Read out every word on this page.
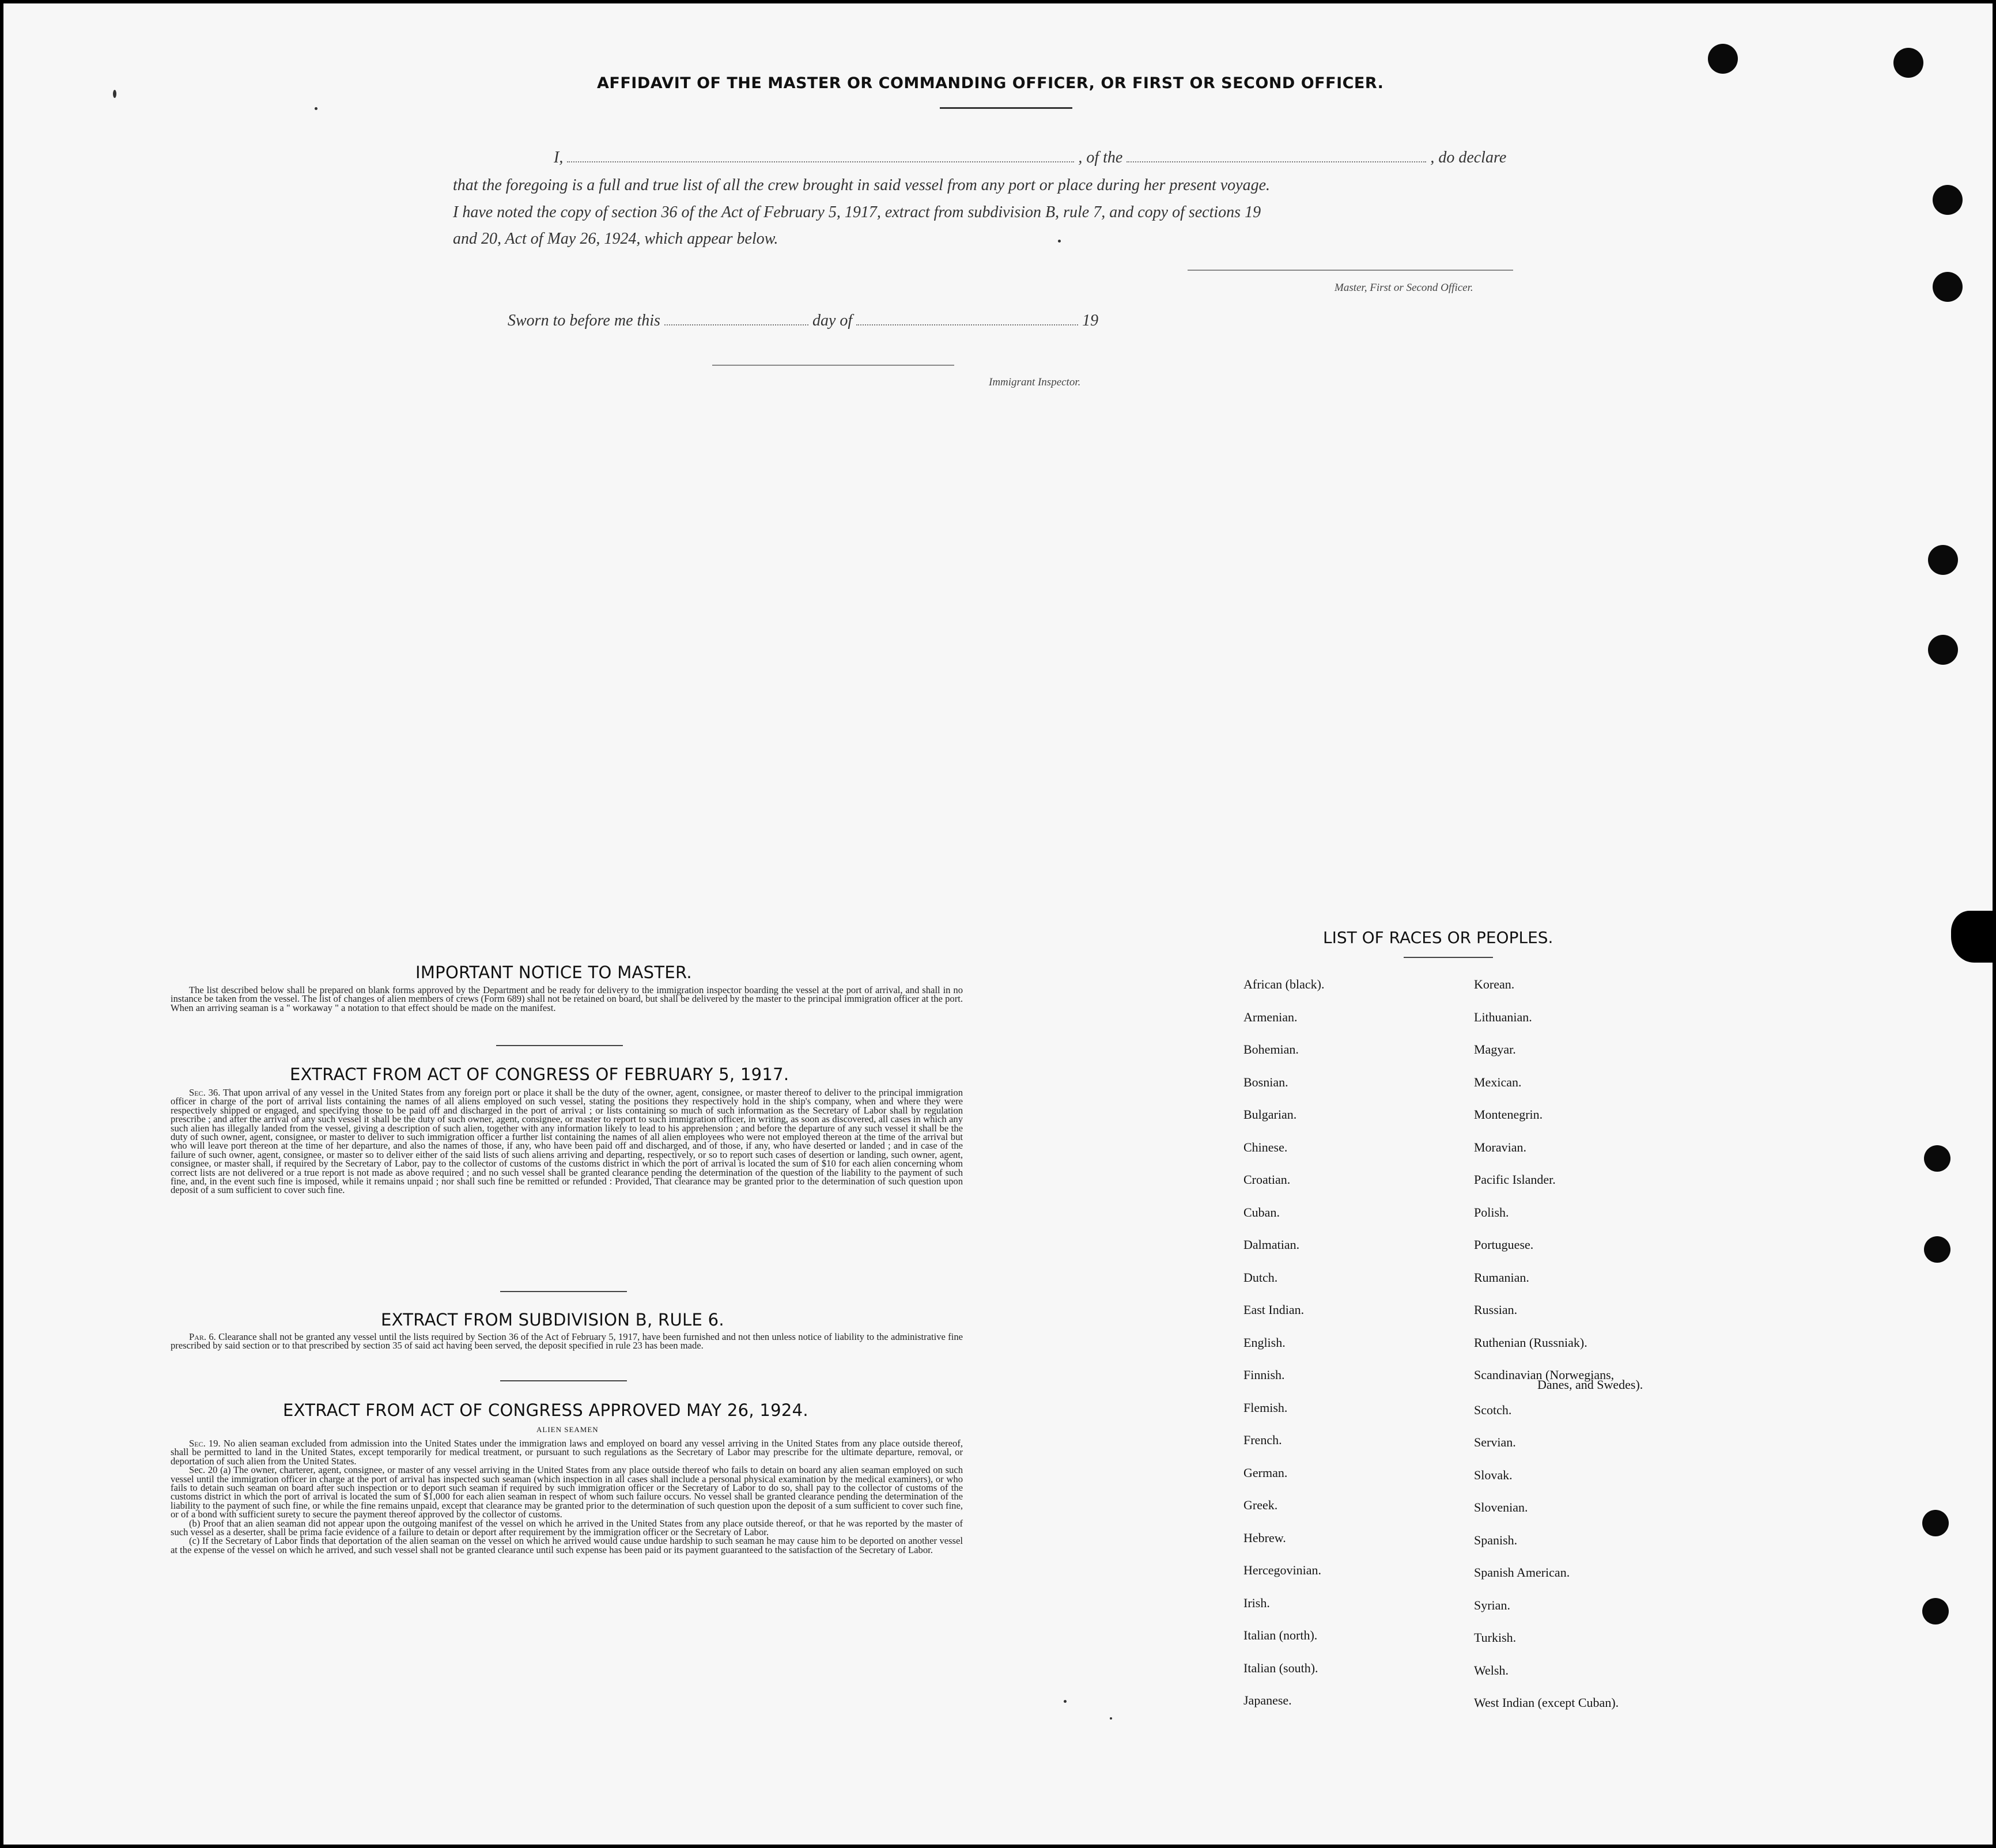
AFFIDAVIT OF THE MASTER OR COMMANDING OFFICER, OR FIRST OR SECOND OFFICER.
I,	, of the	, do declare
that the foregoing is a full and true list of all the crew brought in said vessel from any port or place during her present voyage.
I have noted the copy of section 36 of the Act of February 5, 1917, extract from subdivision B, rule 7, and copy of sections 19
and 20, Act of May 26, 1924, which appear below.
Master, First or Second Officer.
Sworn to before me this	day of	19
Immigrant Inspector.
IMPORTANT NOTICE TO MASTER.
The list described below shall be prepared on blank forms approved by the Department and be ready for delivery to the immigration inspector boarding the vessel at the port of arrival, and shall in no instance be taken from the vessel. The list of changes of alien members of crews (Form 689) shall not be retained on board, but shall be delivered by the master to the principal immigration officer at the port. When an arriving seaman is a " workaway " a notation to that effect should be made on the manifest.
EXTRACT FROM ACT OF CONGRESS OF FEBRUARY 5, 1917.
Sec. 36. That upon arrival of any vessel in the United States from any foreign port or place it shall be the duty of the owner, agent, consignee, or master thereof to deliver to the principal immigration officer in charge of the port of arrival lists containing the names of all aliens employed on such vessel, stating the positions they respectively hold in the ship's company, when and where they were respectively shipped or engaged, and specifying those to be paid off and discharged in the port of arrival ; or lists containing so much of such information as the Secretary of Labor shall by regulation prescribe ; and after the arrival of any such vessel it shall be the duty of such owner, agent, consignee, or master to report to such immigration officer, in writing, as soon as discovered, all cases in which any such alien has illegally landed from the vessel, giving a description of such alien, together with any information likely to lead to his apprehension ; and before the departure of any such vessel it shall be the duty of such owner, agent, consignee, or master to deliver to such immigration officer a further list containing the names of all alien employees who were not employed thereon at the time of the arrival but who will leave port thereon at the time of her departure, and also the names of those, if any, who have been paid off and discharged, and of those, if any, who have deserted or landed ; and in case of the failure of such owner, agent, consignee, or master so to deliver either of the said lists of such aliens arriving and departing, respectively, or so to report such cases of desertion or landing, such owner, agent, consignee, or master shall, if required by the Secretary of Labor, pay to the collector of customs of the customs district in which the port of arrival is located the sum of $10 for each alien concerning whom correct lists are not delivered or a true report is not made as above required ; and no such vessel shall be granted clearance pending the determination of the question of the liability to the payment of such fine, and, in the event such fine is imposed, while it remains unpaid ; nor shall such fine be remitted or refunded : Provided, That clearance may be granted prior to the determination of such question upon deposit of a sum sufficient to cover such fine.
EXTRACT FROM SUBDIVISION B, RULE 6.
Par. 6. Clearance shall not be granted any vessel until the lists required by Section 36 of the Act of February 5, 1917, have been furnished and not then unless notice of liability to the administrative fine prescribed by said section or to that prescribed by section 35 of said act having been served, the deposit specified in rule 23 has been made.
EXTRACT FROM ACT OF CONGRESS APPROVED MAY 26, 1924.
ALIEN SEAMEN
Sec. 19. No alien seaman excluded from admission into the United States under the immigration laws and employed on board any vessel arriving in the United States from any place outside thereof, shall be permitted to land in the United States, except temporarily for medical treatment, or pursuant to such regulations as the Secretary of Labor may prescribe for the ultimate departure, removal, or deportation of such alien from the United States.
Sec. 20 (a) The owner, charterer, agent, consignee, or master of any vessel arriving in the United States from any place outside thereof who fails to detain on board any alien seaman employed on such vessel until the immigration officer in charge at the port of arrival has inspected such seaman (which inspection in all cases shall include a personal physical examination by the medical examiners), or who fails to detain such seaman on board after such inspection or to deport such seaman if required by such immigration officer or the Secretary of Labor to do so, shall pay to the collector of customs of the customs district in which the port of arrival is located the sum of $1,000 for each alien seaman in respect of whom such failure occurs. No vessel shall be granted clearance pending the determination of the liability to the payment of such fine, or while the fine remains unpaid, except that clearance may be granted prior to the determination of such question upon the deposit of a sum sufficient to cover such fine, or of a bond with sufficient surety to secure the payment thereof approved by the collector of customs.
(b) Proof that an alien seaman did not appear upon the outgoing manifest of the vessel on which he arrived in the United States from any place outside thereof, or that he was reported by the master of such vessel as a deserter, shall be prima facie evidence of a failure to detain or deport after requirement by the immigration officer or the Secretary of Labor.
(c) If the Secretary of Labor finds that deportation of the alien seaman on the vessel on which he arrived would cause undue hardship to such seaman he may cause him to be deported on another vessel at the expense of the vessel on which he arrived, and such vessel shall not be granted clearance until such expense has been paid or its payment guaranteed to the satisfaction of the Secretary of Labor.
LIST OF RACES OR PEOPLES.
Danes, and Swedes).
African (black).
Armenian.
Bohemian.
Bosnian.
Bulgarian.
Chinese.
Croatian.
Cuban.
Dalmatian.
Dutch.
East Indian.
English.
Finnish.
Flemish.
French.
German.
Greek.
Hebrew.
Hercegovinian.
Irish.
Italian (north).
Italian (south).
Japanese.
Korean.
Lithuanian.
Magyar.
Mexican.
Montenegrin.
Moravian.
Pacific Islander.
Polish.
Portuguese.
Rumanian.
Russian.
Ruthenian (Russniak).
Scandinavian (Norwegians,
Scotch.
Servian.
Slovak.
Slovenian.
Spanish.
Spanish American.
Syrian.
Turkish.
Welsh.
West Indian (except Cuban).
